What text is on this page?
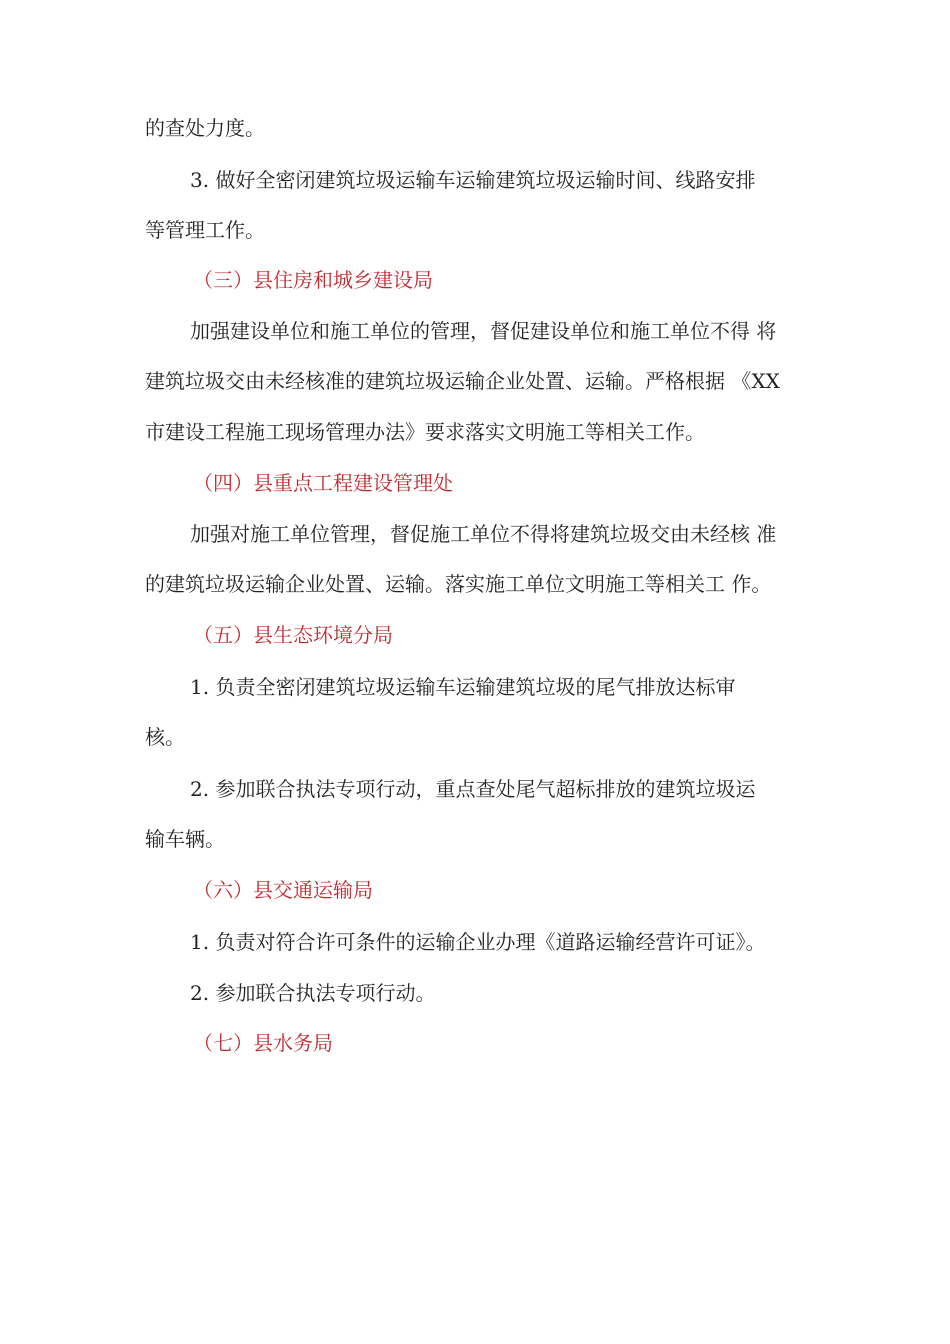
的查处力度。
3. 做好全密闭建筑垃圾运输车运输建筑垃圾运输时间、线路安排
等管理工作。
（三）县住房和城乡建设局
加强建设单位和施工单位的管理，督促建设单位和施工单位不得 将
建筑垃圾交由未经核准的建筑垃圾运输企业处置、运输。严格根据 《XX
市建设工程施工现场管理办法》要求落实文明施工等相关工作。
（四）县重点工程建设管理处
加强对施工单位管理，督促施工单位不得将建筑垃圾交由未经核 准
的建筑垃圾运输企业处置、运输。落实施工单位文明施工等相关工 作。
（五）县生态环境分局
1. 负责全密闭建筑垃圾运输车运输建筑垃圾的尾气排放达标审
核。
2. 参加联合执法专项行动，重点查处尾气超标排放的建筑垃圾运
输车辆。
（六）县交通运输局
1. 负责对符合许可条件的运输企业办理《道路运输经营许可证》。
2. 参加联合执法专项行动。
（七）县水务局
